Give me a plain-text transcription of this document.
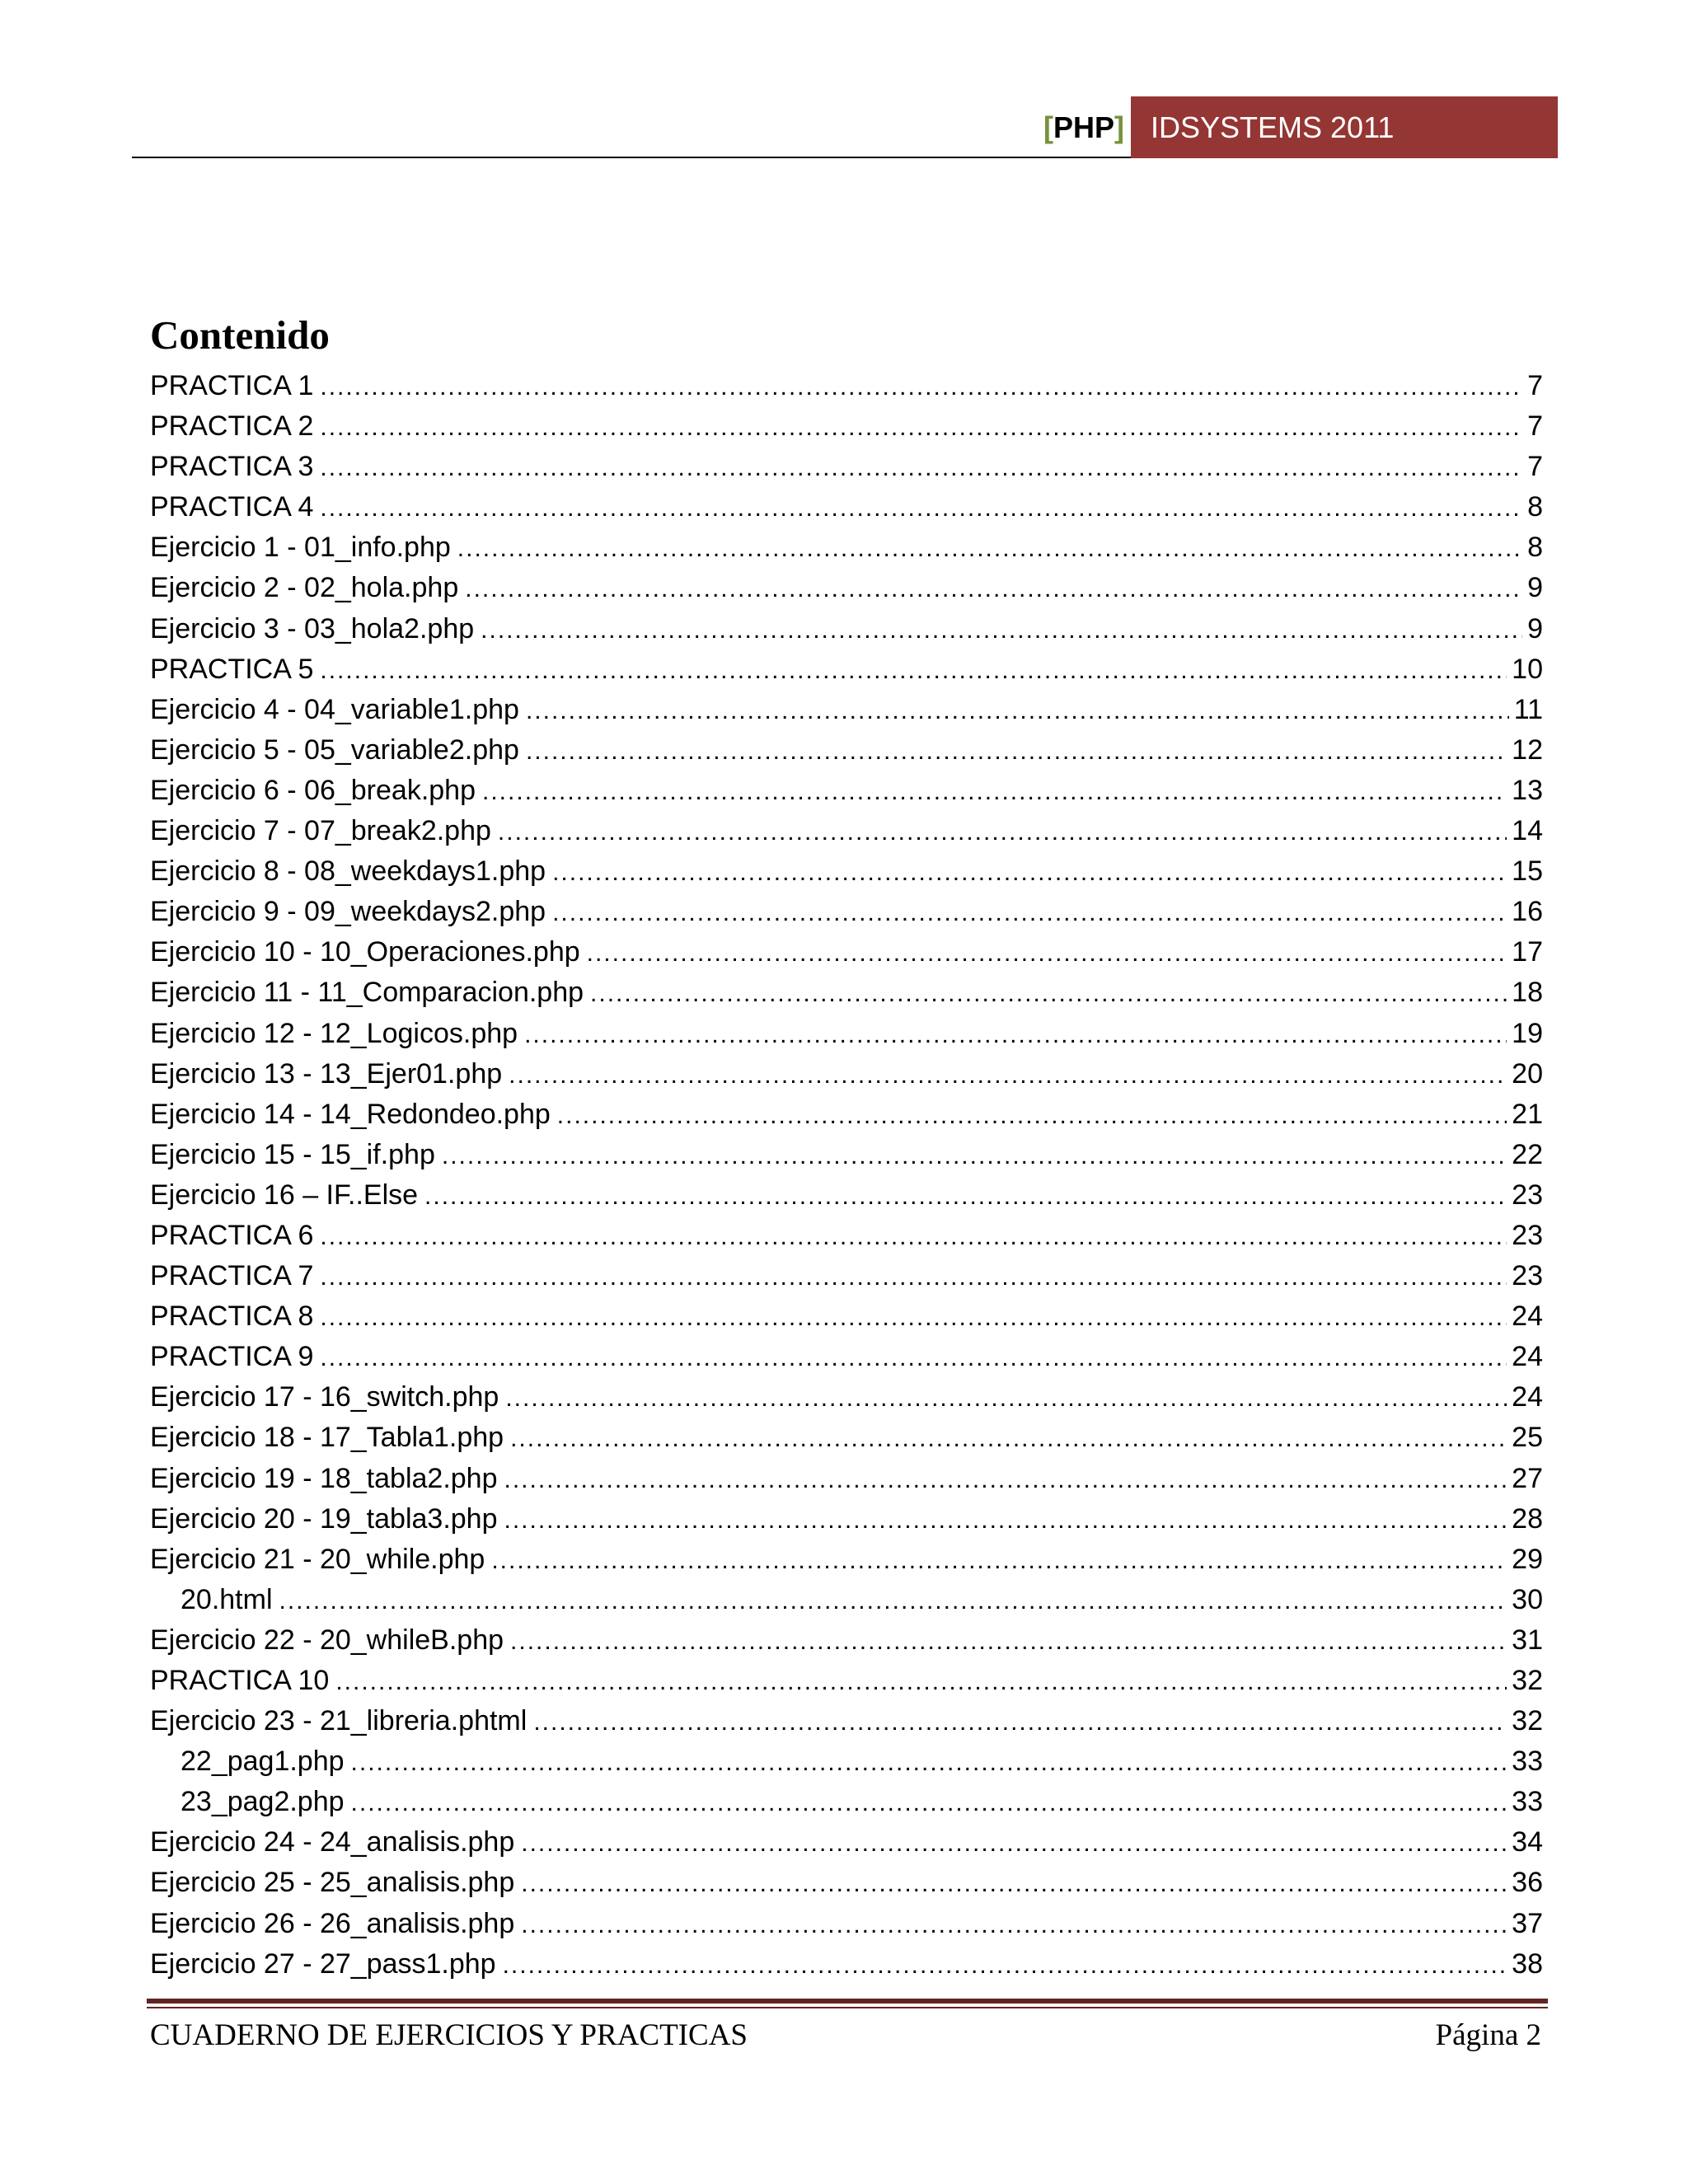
[PHP] IDSYSTEMS 2011
Contenido
PRACTICA 1 .....	7
PRACTICA 2 .....	7
PRACTICA 3 .....	7
PRACTICA 4 .....	8
Ejercicio 1 - 01_info.php .....	8
Ejercicio 2 - 02_hola.php .....	9
Ejercicio 3 - 03_hola2.php .....	9
PRACTICA 5 .....	10
Ejercicio 4 - 04_variable1.php .....	11
Ejercicio 5 - 05_variable2.php .....	12
Ejercicio 6 - 06_break.php .....	13
Ejercicio 7 - 07_break2.php .....	14
Ejercicio 8 - 08_weekdays1.php .....	15
Ejercicio 9 - 09_weekdays2.php .....	16
Ejercicio 10 - 10_Operaciones.php .....	17
Ejercicio 11 - 11_Comparacion.php .....	18
Ejercicio 12 - 12_Logicos.php .....	19
Ejercicio 13 - 13_Ejer01.php .....	20
Ejercicio 14 - 14_Redondeo.php .....	21
Ejercicio 15 - 15_if.php .....	22
Ejercicio 16 – IF..Else .....	23
PRACTICA 6 .....	23
PRACTICA 7 .....	23
PRACTICA 8 .....	24
PRACTICA 9 .....	24
Ejercicio 17 - 16_switch.php .....	24
Ejercicio 18 - 17_Tabla1.php .....	25
Ejercicio 19 - 18_tabla2.php .....	27
Ejercicio 20 - 19_tabla3.php .....	28
Ejercicio 21 - 20_while.php .....	29
20.html .....	30
Ejercicio 22 - 20_whileB.php .....	31
PRACTICA 10 .....	32
Ejercicio 23 - 21_libreria.phtml .....	32
22_pag1.php .....	33
23_pag2.php .....	33
Ejercicio 24 - 24_analisis.php .....	34
Ejercicio 25 - 25_analisis.php .....	36
Ejercicio 26 - 26_analisis.php .....	37
Ejercicio 27 - 27_pass1.php .....	38
CUADERNO DE EJERCICIOS Y PRACTICAS	Página 2
